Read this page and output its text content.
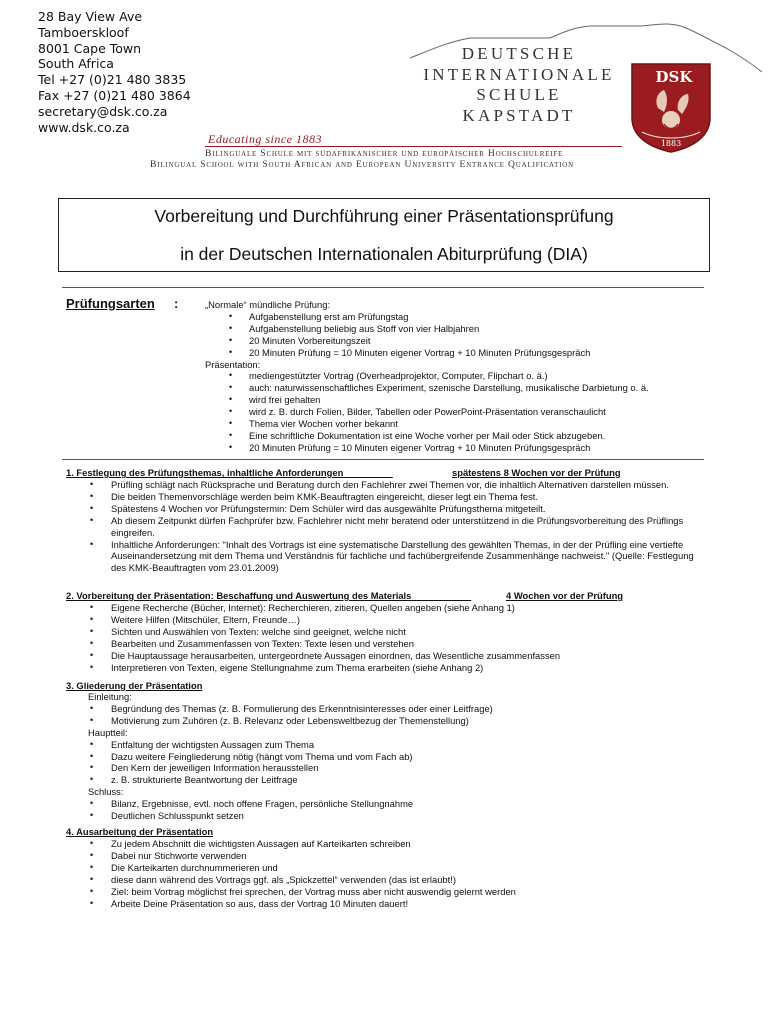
28 Bay View Ave
Tamboerskloof
8001 Cape Town
South Africa
Tel +27 (0)21 480 3835
Fax +27 (0)21 480 3864
secretary@dsk.co.za
www.dsk.co.za
DEUTSCHE
INTERNATIONALE
SCHULE
KAPSTADT
DSK
1883
Educating since 1883
Bilinguale Schule mit südafrikanischer und europäischer Hochschulreife
Bilingual School with South African and European University Entrance Qualification
Vorbereitung und Durchführung einer Präsentationsprüfung
in der Deutschen Internationalen Abiturprüfung (DIA)
Prüfungsarten :	„Normale“ mündliche Prüfung:
• Aufgabenstellung erst am Prüfungstag
• Aufgabenstellung beliebig aus Stoff von vier Halbjahren
• 20 Minuten Vorbereitungszeit
• 20 Minuten Prüfung = 10 Minuten eigener Vortrag + 10 Minuten Prüfungsgespräch
Präsentation:
• mediengestützter Vortrag (Overheadprojektor, Computer, Flipchart o. ä.)
• auch: naturwissenschaftliches Experiment, szenische Darstellung, musikalische Darbietung o. ä.
• wird frei gehalten
• wird z. B. durch Folien, Bilder, Tabellen oder PowerPoint-Präsentation veranschaulicht
• Thema vier Wochen vorher bekannt
• Eine schriftliche Dokumentation ist eine Woche vorher per Mail oder Stick abzugeben.
• 20 Minuten Prüfung = 10 Minuten eigener Vortrag + 10 Minuten Prüfungsgespräch
1. Festlegung des Prüfungsthemas, inhaltliche Anforderungen	spätestens 8 Wochen vor der Prüfung
• Prüfling schlägt nach Rücksprache und Beratung durch den Fachlehrer zwei Themen vor, die inhaltlich Alternativen darstellen müssen.
• Die beiden Themenvorschläge werden beim KMK-Beauftragten eingereicht, dieser legt ein Thema fest.
• Spätestens 4 Wochen vor Prüfungstermin: Dem Schüler wird das ausgewählte Prüfungsthema mitgeteilt.
• Ab diesem Zeitpunkt dürfen Fachprüfer bzw. Fachlehrer nicht mehr beratend oder unterstützend in die Prüfungsvorbereitung des Prüflings eingreifen.
• Inhaltliche Anforderungen: "Inhalt des Vortrags ist eine systematische Darstellung des gewählten Themas, in der der Prüfling eine vertiefte Auseinandersetzung mit dem Thema und Verständnis für fachliche und fachübergreifende Zusammenhänge nachweist." (Quelle: Festlegung des KMK-Beauftragten vom 23.01.2009)
2. Vorbereitung der Präsentation: Beschaffung und Auswertung des Materials	4 Wochen vor der Prüfung
• Eigene Recherche (Bücher, Internet): Recherchieren, zitieren, Quellen angeben (siehe Anhang 1)
• Weitere Hilfen (Mitschüler, Eltern, Freunde…)
• Sichten und Auswählen von Texten: welche sind geeignet, welche nicht
• Bearbeiten und Zusammenfassen von Texten: Texte lesen und verstehen
• Die Hauptaussage herausarbeiten, untergeordnete Aussagen einordnen, das Wesentliche zusammenfassen
• Interpretieren von Texten, eigene Stellungnahme zum Thema erarbeiten (siehe Anhang 2)
3. Gliederung der Präsentation
Einleitung:
• Begründung des Themas (z. B. Formulierung des Erkenntnisinteresses oder einer Leitfrage)
• Motivierung zum Zuhören (z. B. Relevanz oder Lebensweltbezug der Themenstellung)
Hauptteil:
• Entfaltung der wichtigsten Aussagen zum Thema
• Dazu weitere Feingliederung nötig (hängt vom Thema und vom Fach ab)
• Den Kern der jeweiligen Information herausstellen
• z. B. strukturierte Beantwortung der Leitfrage
Schluss:
• Bilanz, Ergebnisse, evtl. noch offene Fragen, persönliche Stellungnahme
• Deutlichen Schlusspunkt setzen
4. Ausarbeitung der Präsentation
• Zu jedem Abschnitt die wichtigsten Aussagen auf Karteikarten schreiben
• Dabei nur Stichworte verwenden
• Die Karteikarten durchnummerieren und
• diese dann während des Vortrags ggf. als „Spickzettel“ verwenden (das ist erlaubt!)
• Ziel: beim Vortrag möglichst frei sprechen, der Vortrag muss aber nicht auswendig gelernt werden
• Arbeite Deine Präsentation so aus, dass der Vortrag 10 Minuten dauert!
